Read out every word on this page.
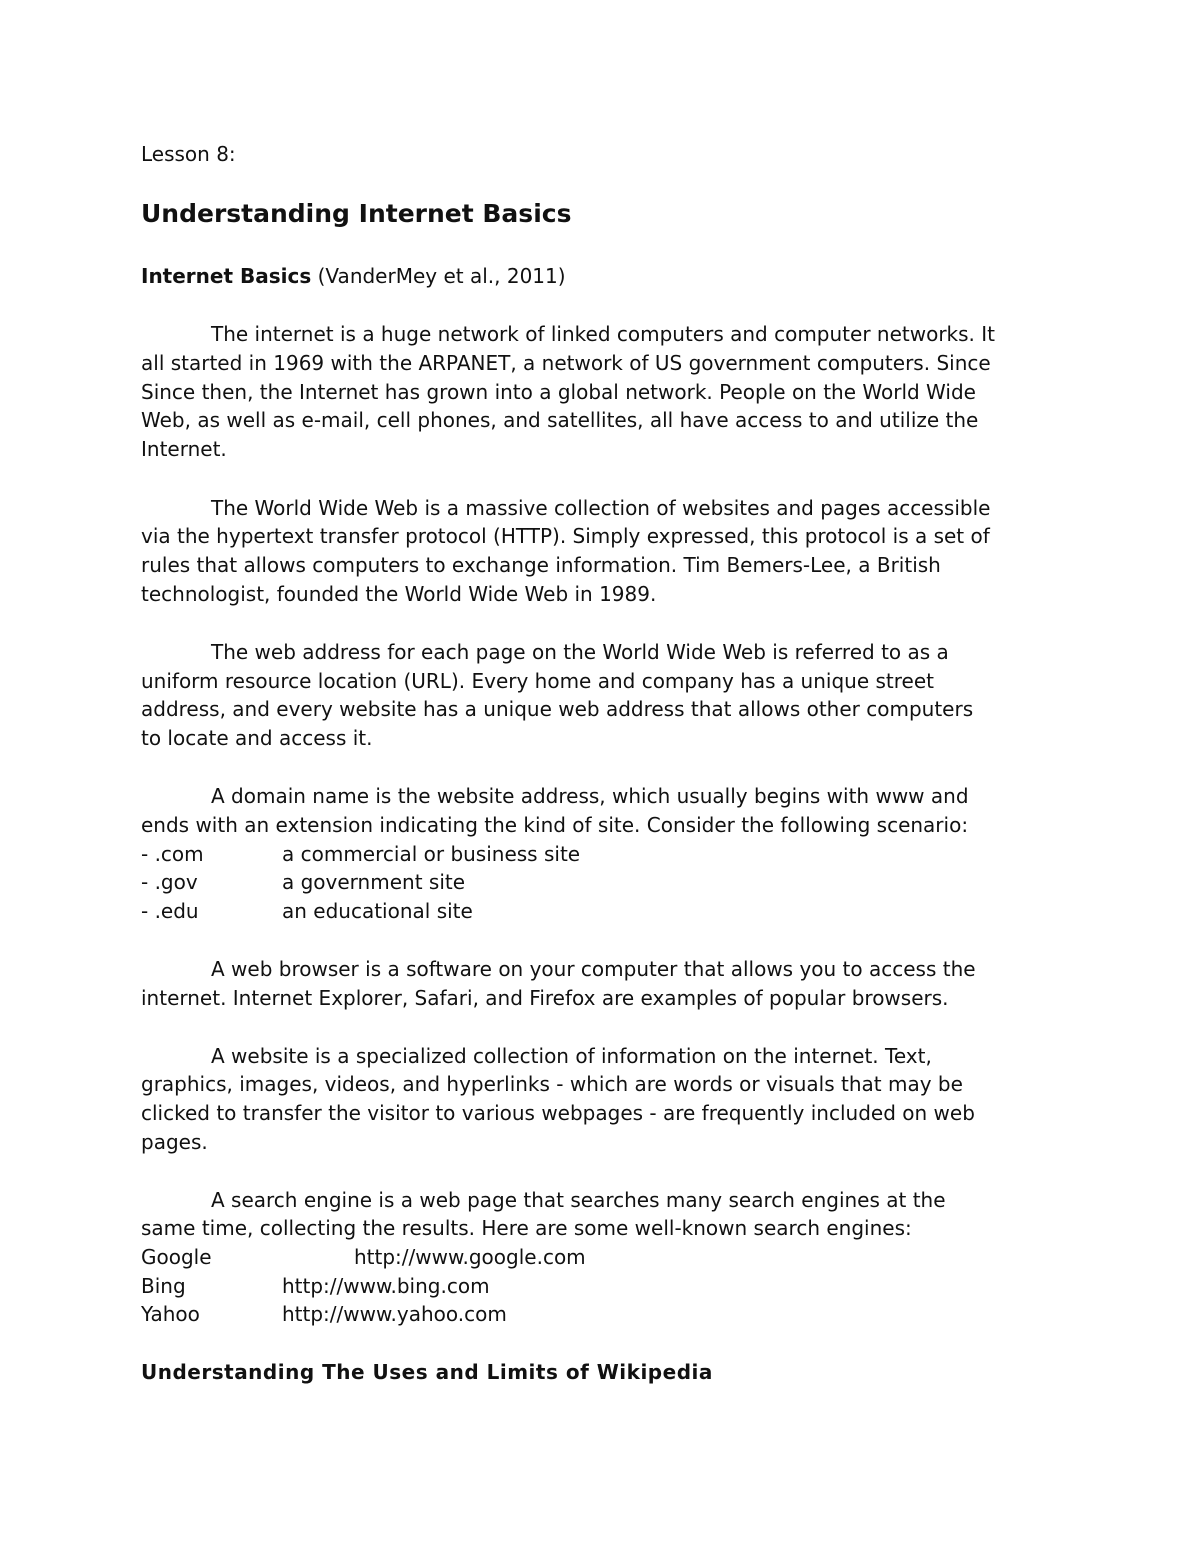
Lesson 8:
Understanding Internet Basics
Internet Basics (VanderMey et al., 2011)
The internet is a huge network of linked computers and computer networks. It
all started in 1969 with the ARPANET, a network of US government computers. Since
Since then, the Internet has grown into a global network. People on the World Wide
Web, as well as e-mail, cell phones, and satellites, all have access to and utilize the
Internet.
The World Wide Web is a massive collection of websites and pages accessible
via the hypertext transfer protocol (HTTP). Simply expressed, this protocol is a set of
rules that allows computers to exchange information. Tim Bemers-Lee, a British
technologist, founded the World Wide Web in 1989.
The web address for each page on the World Wide Web is referred to as a
uniform resource location (URL). Every home and company has a unique street
address, and every website has a unique web address that allows other computers
to locate and access it.
A domain name is the website address, which usually begins with www and
ends with an extension indicating the kind of site. Consider the following scenario:
- .com	a commercial or business site
- .gov	a government site
- .edu	an educational site
A web browser is a software on your computer that allows you to access the
internet. Internet Explorer, Safari, and Firefox are examples of popular browsers.
A website is a specialized collection of information on the internet. Text,
graphics, images, videos, and hyperlinks - which are words or visuals that may be
clicked to transfer the visitor to various webpages - are frequently included on web
pages.
A search engine is a web page that searches many search engines at the
same time, collecting the results. Here are some well-known search engines:
Google	http://www.google.com
Bing	http://www.bing.com
Yahoo	http://www.yahoo.com
Understanding The Uses and Limits of Wikipedia
